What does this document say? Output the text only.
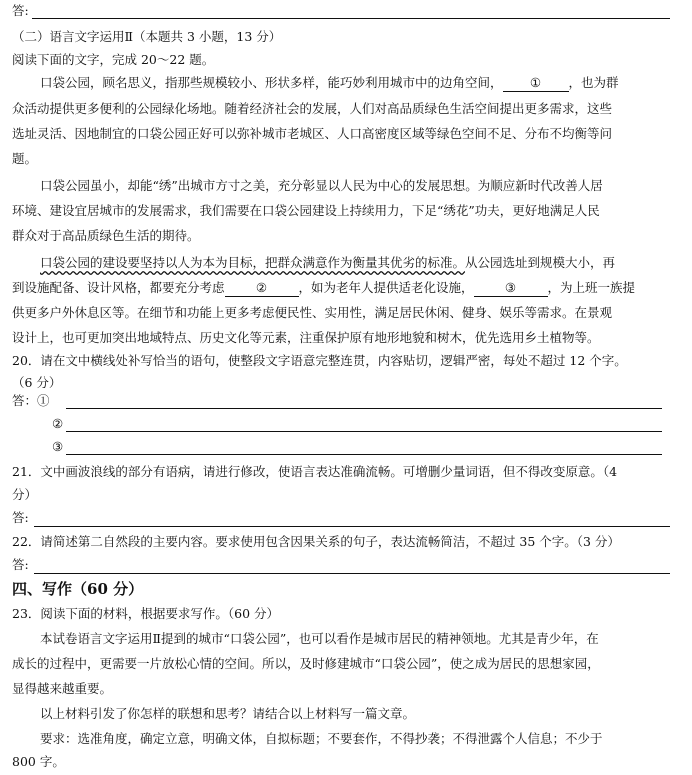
答:
（二）语言文字运用Ⅱ（本题共 3 小题，13 分）
阅读下面的文字，完成 20～22 题。
口袋公园，顾名思义，指那些规模较小、形状多样，能巧妙利用城市中的边角空间， ① ，也为群
众活动提供更多便利的公园绿化场地。随着经济社会的发展，人们对高品质绿色生活空间提出更多需求，这些
选址灵活、因地制宜的口袋公园正好可以弥补城市老城区、人口高密度区域等绿色空间不足、分布不均衡等问
题。
口袋公园虽小，却能“绣”出城市方寸之美，充分彰显以人民为中心的发展思想。为顺应新时代改善人居
环境、建设宜居城市的发展需求，我们需要在口袋公园建设上持续用力，下足“绣花”功夫，更好地满足人民
群众对于高品质绿色生活的期待。
口袋公园的建设要坚持以人为本为目标，把群众满意作为衡量其优劣的标准。从公园选址到规模大小，再
到设施配备、设计风格，都要充分考虑	②	，如为老年人提供适老化设施，	③	，为上班一族提
供更多户外休息区等。在细节和功能上更多考虑便民性、实用性，满足居民休闲、健身、娱乐等需求。在景观
设计上，也可更加突出地域特点、历史文化等元素，注重保护原有地形地貌和树木，优先选用乡土植物等。
20．请在文中横线处补写恰当的语句，使整段文字语意完整连贯，内容贴切，逻辑严密，每处不超过 12 个字。
（6 分）
答：①
②
③
21．文中画波浪线的部分有语病，请进行修改，使语言表达准确流畅。可增删少量词语，但不得改变原意。（4
分）
答:
22．请简述第二自然段的主要内容。要求使用包含因果关系的句子，表达流畅简洁，不超过 35 个字。（3 分）
答:
四、写作（60 分）
23．阅读下面的材料，根据要求写作。（60 分）
本试卷语言文字运用Ⅱ提到的城市“口袋公园”，也可以看作是城市居民的精神领地。尤其是青少年，在
成长的过程中，更需要一片放松心情的空间。所以，及时修建城市“口袋公园”，使之成为居民的思想家园，
显得越来越重要。
以上材料引发了你怎样的联想和思考？请结合以上材料写一篇文章。
要求：选准角度，确定立意，明确文体，自拟标题；不要套作，不得抄袭；不得泄露个人信息；不少于
800 字。
